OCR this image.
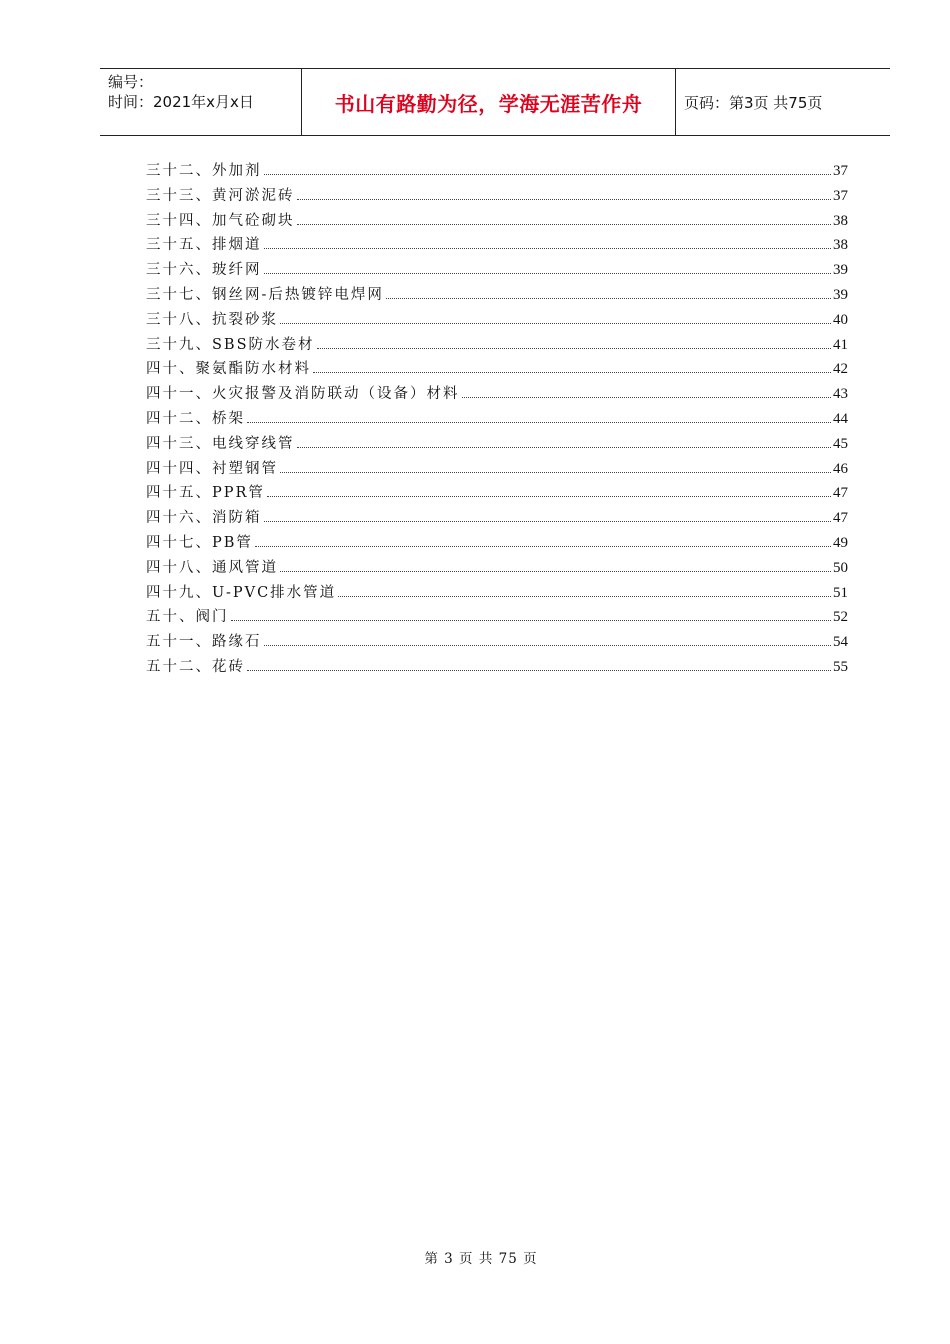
编号：
时间：2021年x月x日	书山有路勤为径，学海无涯苦作舟	页码：第3页 共75页
三十二、外加剂	37
三十三、黄河淤泥砖	37
三十四、加气砼砌块	38
三十五、排烟道	38
三十六、玻纤网	39
三十七、钢丝网-后热镀锌电焊网	39
三十八、抗裂砂浆	40
三十九、SBS防水卷材	41
四十、聚氨酯防水材料	42
四十一、火灾报警及消防联动（设备）材料	43
四十二、桥架	44
四十三、电线穿线管	45
四十四、衬塑钢管	46
四十五、PPR管	47
四十六、消防箱	47
四十七、PB管	49
四十八、通风管道	50
四十九、U-PVC排水管道	51
五十、阀门	52
五十一、路缘石	54
五十二、花砖	55
第 3 页 共 75 页
